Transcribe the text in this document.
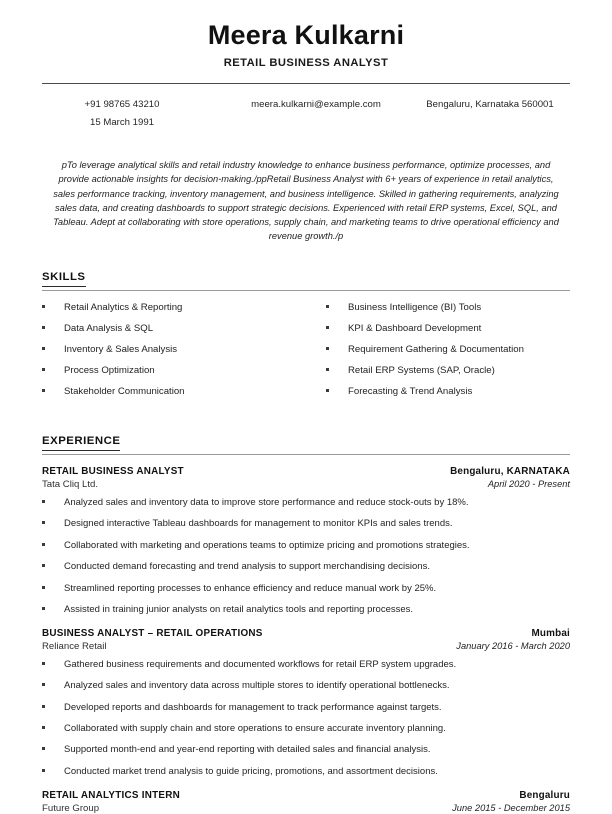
Meera Kulkarni
RETAIL BUSINESS ANALYST
+91 98765 43210
15 March 1991
meera.kulkarni@example.com	Bengaluru, Karnataka 560001
pTo leverage analytical skills and retail industry knowledge to enhance business performance, optimize processes, and provide actionable insights for decision-making./ppRetail Business Analyst with 6+ years of experience in retail analytics, sales performance tracking, inventory management, and business intelligence. Skilled in gathering requirements, analyzing sales data, and creating dashboards to support strategic decisions. Experienced with retail ERP systems, Excel, SQL, and Tableau. Adept at collaborating with store operations, supply chain, and marketing teams to drive operational efficiency and revenue growth./p
SKILLS
Retail Analytics & Reporting
Data Analysis & SQL
Inventory & Sales Analysis
Process Optimization
Stakeholder Communication
Business Intelligence (BI) Tools
KPI & Dashboard Development
Requirement Gathering & Documentation
Retail ERP Systems (SAP, Oracle)
Forecasting & Trend Analysis
EXPERIENCE
RETAIL BUSINESS ANALYST	Bengaluru, KARNATAKA
Tata Cliq Ltd.	April 2020 - Present
Analyzed sales and inventory data to improve store performance and reduce stock-outs by 18%.
Designed interactive Tableau dashboards for management to monitor KPIs and sales trends.
Collaborated with marketing and operations teams to optimize pricing and promotions strategies.
Conducted demand forecasting and trend analysis to support merchandising decisions.
Streamlined reporting processes to enhance efficiency and reduce manual work by 25%.
Assisted in training junior analysts on retail analytics tools and reporting processes.
BUSINESS ANALYST – RETAIL OPERATIONS	Mumbai
Reliance Retail	January 2016 - March 2020
Gathered business requirements and documented workflows for retail ERP system upgrades.
Analyzed sales and inventory data across multiple stores to identify operational bottlenecks.
Developed reports and dashboards for management to track performance against targets.
Collaborated with supply chain and store operations to ensure accurate inventory planning.
Supported month-end and year-end reporting with detailed sales and financial analysis.
Conducted market trend analysis to guide pricing, promotions, and assortment decisions.
RETAIL ANALYTICS INTERN	Bengaluru
Future Group	June 2015 - December 2015
